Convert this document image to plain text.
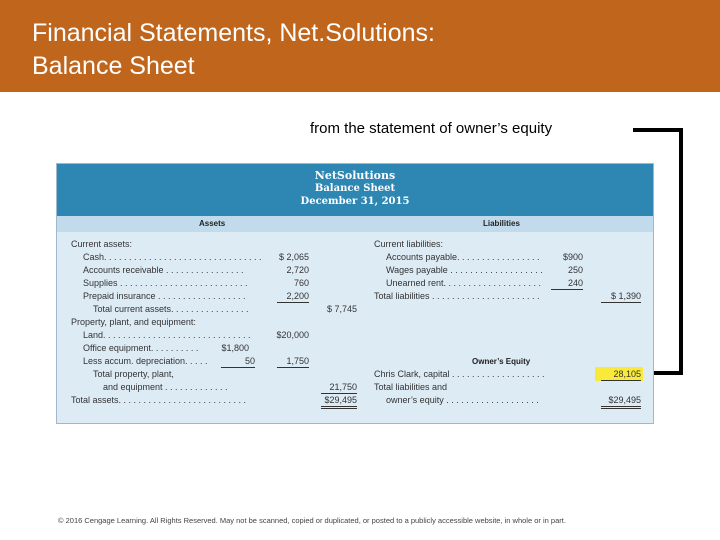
Financial Statements, Net.Solutions:
Balance Sheet
from the statement of owner’s equity
NetSolutions
Balance Sheet
December 31, 2015
Assets	Liabilities
Current assets:
Cash. . . . . . . . . . . . . . . . . . . . . . . . . . . . . . . . $ 2,065
Accounts receivable . . . . . . . . . . . . . . . .	2,720
Supplies . . . . . . . . . . . . . . . . . . . . . . . . . .	760
Prepaid insurance . . . . . . . . . . . . . . . . . .	2,200
Total current assets. . . . . . . . . . . . . . . .	$ 7,745
Property, plant, and equipment:
Land. . . . . . . . . . . . . . . . . . . . . . . . . . . . . .	$20,000
Office equipment. . . . . . . . . .	$1,800
Less accum. depreciation. . . . .	50	1,750
Total property, plant,
and equipment . . . . . . . . . . . . .	21,750
Total assets. . . . . . . . . . . . . . . . . . . . . . . . . .	$29,495
Current liabilities:
Accounts payable. . . . . . . . . . . . . . . . .	$900
Wages payable . . . . . . . . . . . . . . . . . . .	250
Unearned rent. . . . . . . . . . . . . . . . . . . .	240
Total liabilities . . . . . . . . . . . . . . . . . . . . . .	$ 1,390
Owner’s Equity
Chris Clark, capital . . . . . . . . . . . . . . . . . . .	28,105
Total liabilities and
owner’s equity . . . . . . . . . . . . . . . . . . .	$29,495
© 2016 Cengage Learning. All Rights Reserved. May not be scanned, copied or duplicated, or posted to a publicly accessible website, in whole or in part.
